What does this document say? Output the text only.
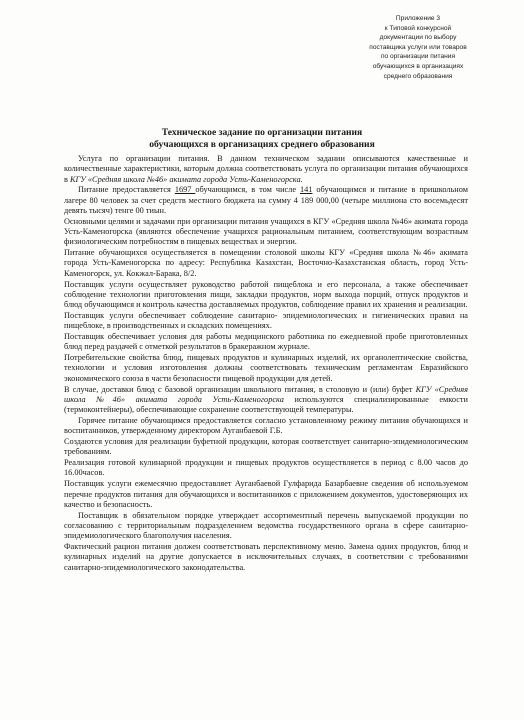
Приложение 3
к Типовой конкурсной
документации по выбору
поставщика услуги или товаров
по организации питания
обучающихся в организациях
среднего образования
Техническое задание по организации питания
обучающихся в организациях среднего образования

Услуга по организации питания. В данном техническом задании описываются качественные и количественные характеристики, которым должна соответствовать услуга по организации питания обучающихся в КГУ «Средняя школа №46» акимата города Усть-Каменогорска.

Питание предоставляется 1697 обучающимся, в том числе 141 обучающимся и питание в пришкольном лагере 80 человек за счет средств местного бюджета на сумму 4 189 000,00 (четыре миллиона сто восемьдесят девять тысяч) тенге 00 тиын.

Основными целями и задачами при организации питания учащихся в КГУ «Средняя школа №46» акимата города Усть-Каменогорска (являются обеспечение учащихся рациональным питанием, соответствующим возрастным физиологическим потребностям в пищевых веществах и энергии.

Питание обучающихся осуществляется в помещении столовой школы КГУ «Средняя школа №46» акимата города Усть-Каменогорска по адресу: Республика Казахстан, Восточно-Казахстанская область, город Усть-Каменогорск, ул. Кокжал-Барака, 8/2.

Поставщик услуги осуществляет руководство работой пищеблока и его персонала, а также обеспечивает соблюдение технологии приготовления пищи, закладки продуктов, норм выхода порций, отпуск продуктов и блюд обучающимся и контроль качества доставляемых продуктов, соблюдение правил их хранения и реализации.

Поставщик услуги обеспечивает соблюдение санитарно- эпидемиологических и гигиенических правил на пищеблоке, в производственных и складских помещениях.

Поставщик обеспечивает условия для работы медицинского работника по ежедневной пробе приготовленных блюд перед раздачей с отметкой результатов в бракеражном журнале.

Потребительские свойства блюд, пищевых продуктов и кулинарных изделий, их органолептические свойства, технологии и условия изготовления должны соответствовать техническим регламентам Евразийского экономического союза в части безопасности пищевой продукции для детей.

В случае, доставки блюд с базовой организации школьного питания, в столовую и (или) буфет КГУ «Средняя школа №46» акимата города Усть-Каменогорска используются специализированные емкости (термоконтейнеры), обеспечивающие сохранение соответствующей температуры.

Горячее питание обучающимся предоставляется согласно установленному режиму питания обучающихся и воспитанников, утвержденному директором Ауганбаевой Г.Б.

Создаются условия для реализации буфетной продукции, которая соответствует санитарно-эпидемиологическим требованиям.

Реализация готовой кулинарной продукции и пищевых продуктов осуществляется в период с 8.00 часов до 16.00часов.

Поставщик услуги ежемесячно предоставляет Ауганбаевой Гулфарида Базарбаевне сведения об используемом перечне продуктов питания для обучающихся и воспитанников с приложением документов, удостоверяющих их качество и безопасность.

Поставщик в обязательном порядке утверждает ассортиментный перечень выпускаемой продукции по согласованию с территориальным подразделением ведомства государственного органа в сфере санитарно-эпидемиологического благополучия населения.

Фактический рацион питания должен соответствовать перспективному меню. Замена одних продуктов, блюд и кулинарных изделий на другие допускается в исключительных случаях, в соответствии с требованиями санитарно-эпидемиологического законодательства.
